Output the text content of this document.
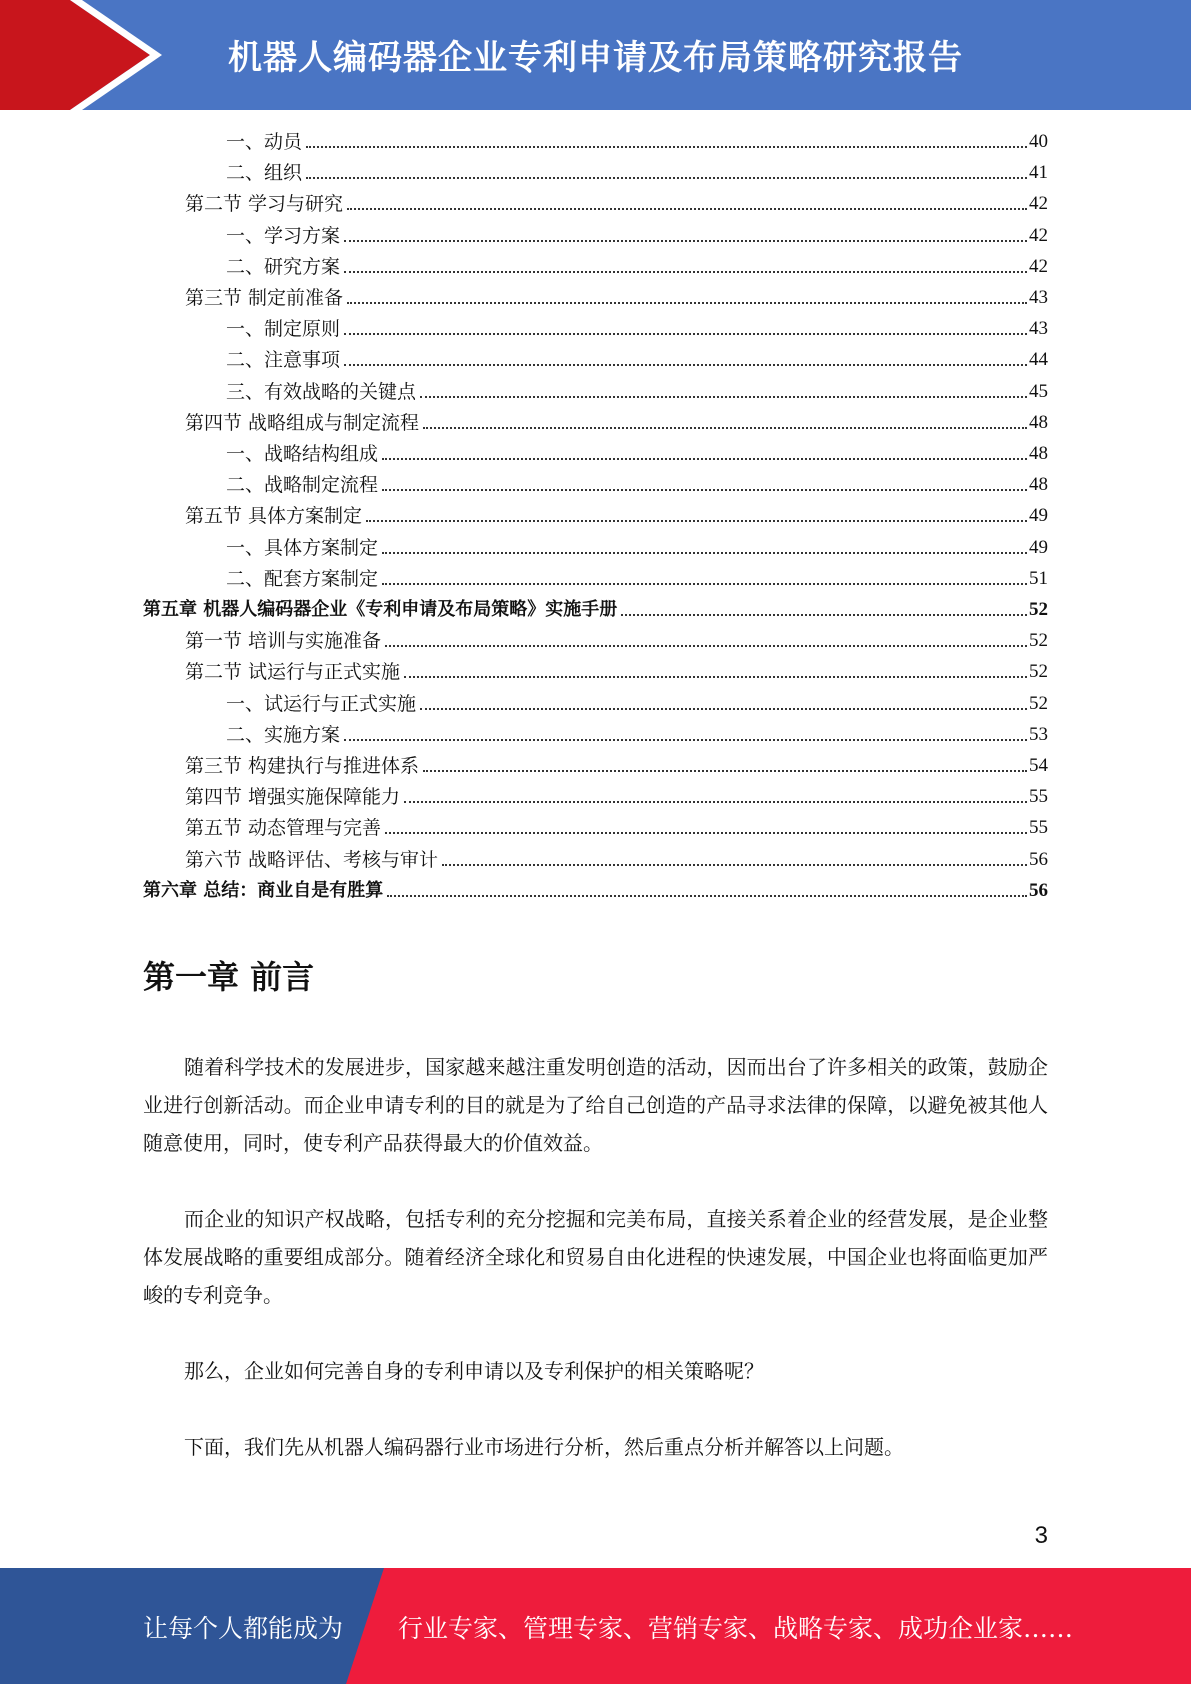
机器人编码器企业专利申请及布局策略研究报告
一、动员	40
二、组织	41
第二节 学习与研究	42
一、学习方案	42
二、研究方案	42
第三节 制定前准备	43
一、制定原则	43
二、注意事项	44
三、有效战略的关键点	45
第四节 战略组成与制定流程	48
一、战略结构组成	48
二、战略制定流程	48
第五节 具体方案制定	49
一、具体方案制定	49
二、配套方案制定	51
第五章 机器人编码器企业《专利申请及布局策略》实施手册	52
第一节 培训与实施准备	52
第二节 试运行与正式实施	52
一、试运行与正式实施	52
二、实施方案	53
第三节 构建执行与推进体系	54
第四节 增强实施保障能力	55
第五节 动态管理与完善	55
第六节 战略评估、考核与审计	56
第六章 总结：商业自是有胜算	56
第一章 前言

随着科学技术的发展进步，国家越来越注重发明创造的活动，因而出台了许多相关的政策，鼓励企业进行创新活动。而企业申请专利的目的就是为了给自己创造的产品寻求法律的保障，以避免被其他人随意使用，同时，使专利产品获得最大的价值效益。

而企业的知识产权战略，包括专利的充分挖掘和完美布局，直接关系着企业的经营发展，是企业整体发展战略的重要组成部分。随着经济全球化和贸易自由化进程的快速发展，中国企业也将面临更加严峻的专利竞争。

那么，企业如何完善自身的专利申请以及专利保护的相关策略呢？

下面，我们先从机器人编码器行业市场进行分析，然后重点分析并解答以上问题。

3
让每个人都能成为 行业专家、管理专家、营销专家、战略专家、成功企业家……
